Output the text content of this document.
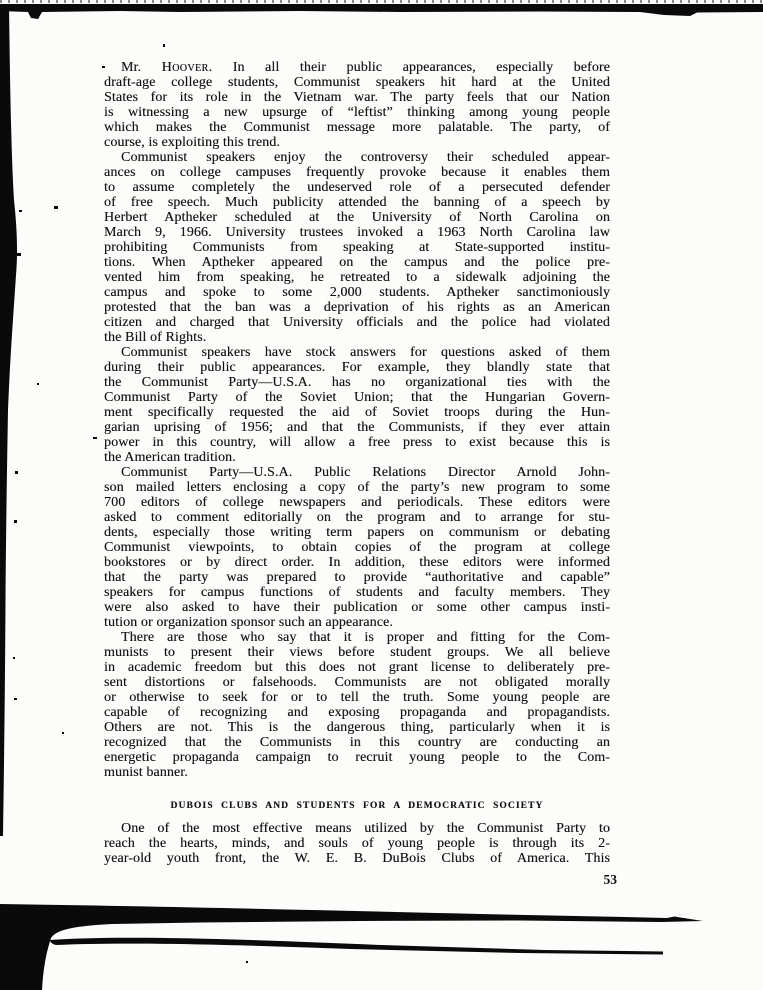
Mr. Hoover. In all their public appearances, especially before
draft-age college students, Communist speakers hit hard at the United
States for its role in the Vietnam war. The party feels that our Nation
is witnessing a new upsurge of “leftist” thinking among young people
which makes the Communist message more palatable. The party, of
course, is exploiting this trend.
Communist speakers enjoy the controversy their scheduled appear-
ances on college campuses frequently provoke because it enables them
to assume completely the undeserved role of a persecuted defender
of free speech. Much publicity attended the banning of a speech by
Herbert Aptheker scheduled at the University of North Carolina on
March 9, 1966. University trustees invoked a 1963 North Carolina law
prohibiting Communists from speaking at State-supported institu-
tions. When Aptheker appeared on the campus and the police pre-
vented him from speaking, he retreated to a sidewalk adjoining the
campus and spoke to some 2,000 students. Aptheker sanctimoniously
protested that the ban was a deprivation of his rights as an American
citizen and charged that University officials and the police had violated
the Bill of Rights.
Communist speakers have stock answers for questions asked of them
during their public appearances. For example, they blandly state that
the Communist Party—U.S.A. has no organizational ties with the
Communist Party of the Soviet Union; that the Hungarian Govern-
ment specifically requested the aid of Soviet troops during the Hun-
garian uprising of 1956; and that the Communists, if they ever attain
power in this country, will allow a free press to exist because this is
the American tradition.
Communist Party—U.S.A. Public Relations Director Arnold John-
son mailed letters enclosing a copy of the party’s new program to some
700 editors of college newspapers and periodicals. These editors were
asked to comment editorially on the program and to arrange for stu-
dents, especially those writing term papers on communism or debating
Communist viewpoints, to obtain copies of the program at college
bookstores or by direct order. In addition, these editors were informed
that the party was prepared to provide “authoritative and capable”
speakers for campus functions of students and faculty members. They
were also asked to have their publication or some other campus insti-
tution or organization sponsor such an appearance.
There are those who say that it is proper and fitting for the Com-
munists to present their views before student groups. We all believe
in academic freedom but this does not grant license to deliberately pre-
sent distortions or falsehoods. Communists are not obligated morally
or otherwise to seek for or to tell the truth. Some young people are
capable of recognizing and exposing propaganda and propagandists.
Others are not. This is the dangerous thing, particularly when it is
recognized that the Communists in this country are conducting an
energetic propaganda campaign to recruit young people to the Com-
munist banner.
DUBOIS CLUBS AND STUDENTS FOR A DEMOCRATIC SOCIETY
One of the most effective means utilized by the Communist Party to
reach the hearts, minds, and souls of young people is through its 2-
year-old youth front, the W. E. B. DuBois Clubs of America. This
53
